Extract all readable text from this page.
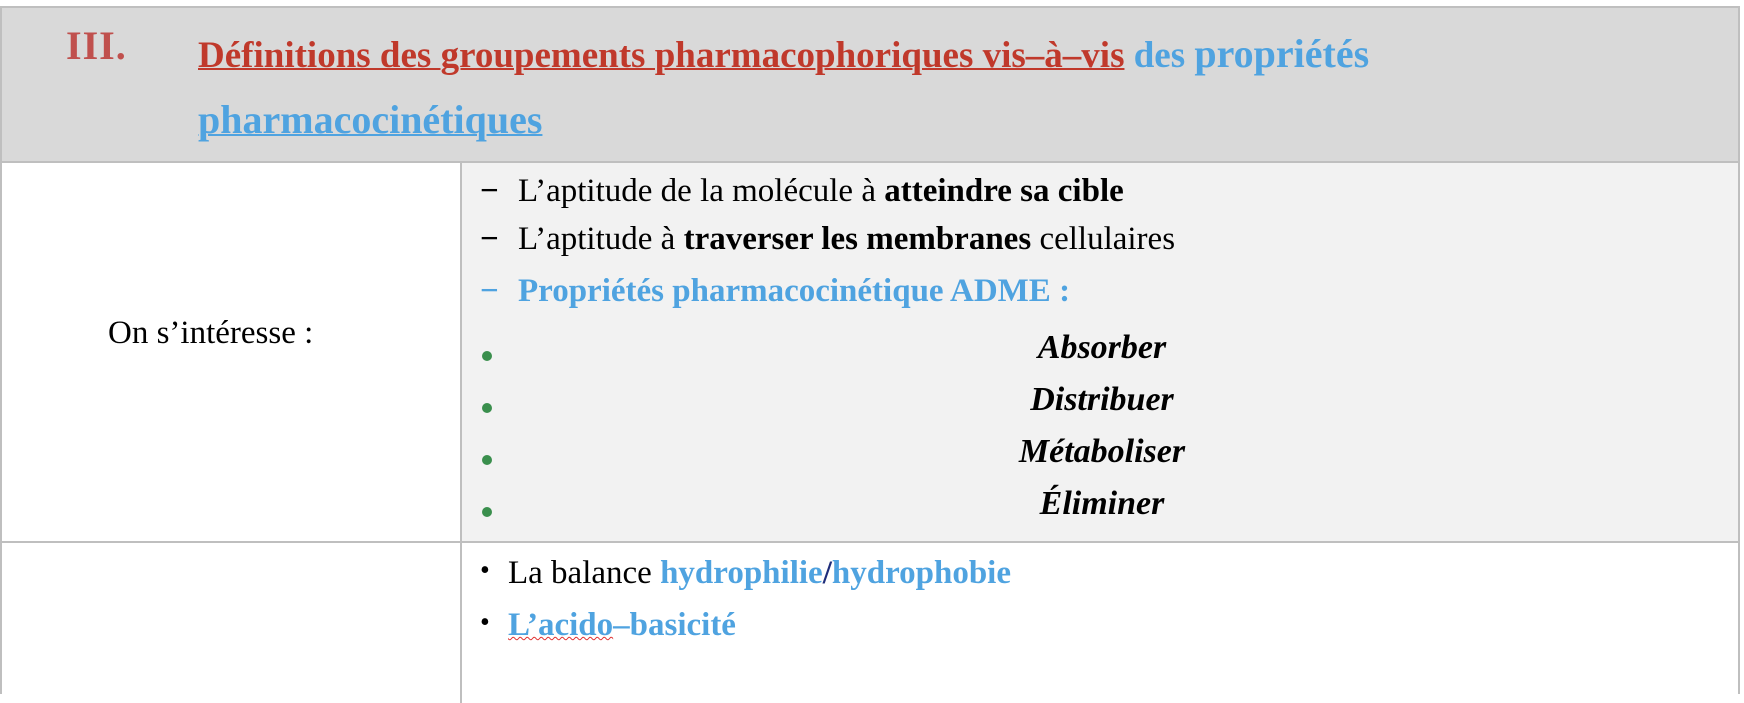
III. Définitions des groupements pharmacophoriques vis–à–vis des propriétés
pharmacocinétiques
On s’intéresse :
− L’aptitude de la molécule à atteindre sa cible
− L’aptitude à traverser les membranes cellulaires
− Propriétés pharmacocinétique ADME :
Absorber
Distribuer
Métaboliser
Éliminer
• La balance hydrophilie/hydrophobie
• L’acido–basicité
